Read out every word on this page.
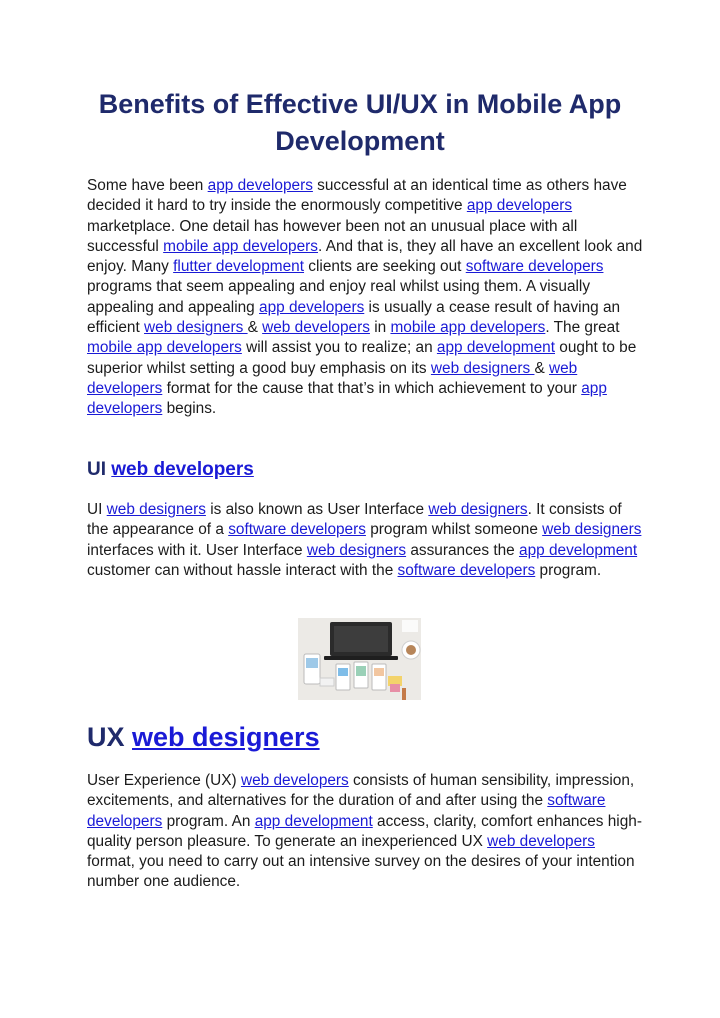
Benefits of Effective UI/UX in Mobile App Development

Some have been app developers successful at an identical time as others have decided it hard to try inside the enormously competitive app developers marketplace. One detail has however been not an unusual place with all successful mobile app developers. And that is, they all have an excellent look and enjoy. Many flutter development clients are seeking out software developers programs that seem appealing and enjoy real whilst using them. A visually appealing and appealing app developers is usually a cease result of having an efficient web designers & web developers in mobile app developers. The great mobile app developers will assist you to realize; an app development ought to be superior whilst setting a good buy emphasis on its web designers & web developers format for the cause that that’s in which achievement to your app developers begins.

UI web developers

UI web designers is also known as User Interface web designers. It consists of the appearance of a software developers program whilst someone web designers interfaces with it. User Interface web designers assurances the app development customer can without hassle interact with the software developers program.

UX web designers

User Experience (UX) web developers consists of human sensibility, impression, excitements, and alternatives for the duration of and after using the software developers program. An app development access, clarity, comfort enhances high-quality person pleasure. To generate an inexperienced UX web developers format, you need to carry out an intensive survey on the desires of your intention number one audience.
